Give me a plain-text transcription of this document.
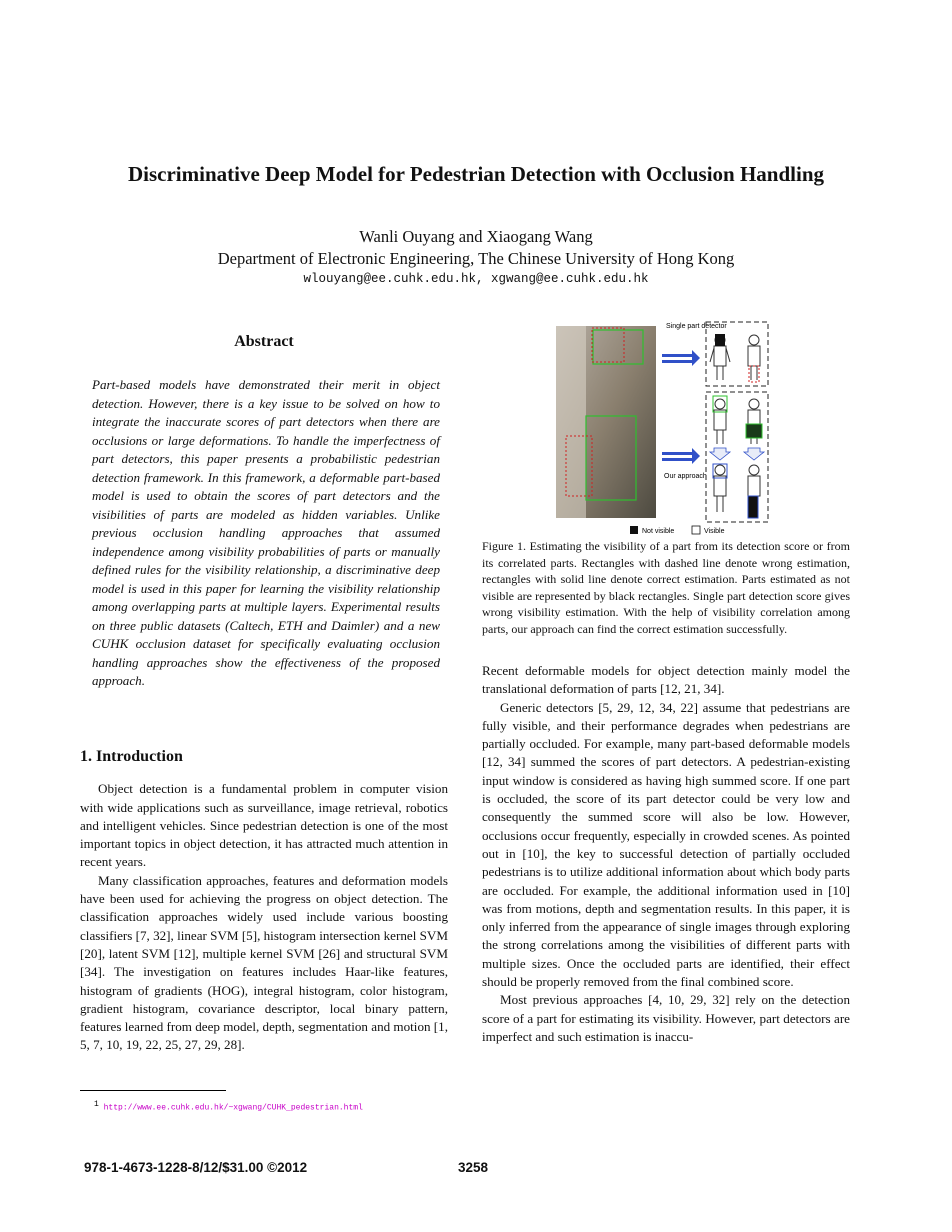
Discriminative Deep Model for Pedestrian Detection with Occlusion Handling
Wanli Ouyang and Xiaogang Wang
Department of Electronic Engineering, The Chinese University of Hong Kong
wlouyang@ee.cuhk.edu.hk, xgwang@ee.cuhk.edu.hk
Abstract
Part-based models have demonstrated their merit in object detection. However, there is a key issue to be solved on how to integrate the inaccurate scores of part detectors when there are occlusions or large deformations. To handle the imperfectness of part detectors, this paper presents a probabilistic pedestrian detection framework. In this framework, a deformable part-based model is used to obtain the scores of part detectors and the visibilities of parts are modeled as hidden variables. Unlike previous occlusion handling approaches that assumed independence among visibility probabilities of parts or manually defined rules for the visibility relationship, a discriminative deep model is used in this paper for learning the visibility relationship among overlapping parts at multiple layers. Experimental results on three public datasets (Caltech, ETH and Daimler) and a new CUHK occlusion dataset for specifically evaluating occlusion handling approaches show the effectiveness of the proposed approach.
1. Introduction

Object detection is a fundamental problem in computer vision with wide applications such as surveillance, image retrieval, robotics and intelligent vehicles. Since pedestrian detection is one of the most important topics in object detection, it has attracted much attention in recent years.

Many classification approaches, features and deformation models have been used for achieving the progress on object detection. The classification approaches widely used include various boosting classifiers [7, 32], linear SVM [5], histogram intersection kernel SVM [20], latent SVM [12], multiple kernel SVM [26] and structural SVM [34]. The investigation on features includes Haar-like features, histogram of gradients (HOG), integral histogram, color histogram, gradient histogram, covariance descriptor, local binary pattern, features learned from deep model, depth, segmentation and motion [1, 5, 7, 10, 19, 22, 25, 27, 29, 28].

1 http://www.ee.cuhk.edu.hk/~xgwang/CUHK_pedestrian.html
978-1-4673-1228-8/12/$31.00 ©2012	3258
Single part detector
Our approach
Not visible	Visible
Figure 1. Estimating the visibility of a part from its detection score or from its correlated parts. Rectangles with dashed line denote wrong estimation, rectangles with solid line denote correct estimation. Parts estimated as not visible are represented by black rectangles. Single part detection score gives wrong visibility estimation. With the help of visibility correlation among parts, our approach can find the correct estimation successfully.

Recent deformable models for object detection mainly model the translational deformation of parts [12, 21, 34].

Generic detectors [5, 29, 12, 34, 22] assume that pedestrians are fully visible, and their performance degrades when pedestrians are partially occluded. For example, many part-based deformable models [12, 34] summed the scores of part detectors. A pedestrian-existing input window is considered as having high summed score. If one part is occluded, the score of its part detector could be very low and consequently the summed score will also be low. However, occlusions occur frequently, especially in crowded scenes. As pointed out in [10], the key to successful detection of partially occluded pedestrians is to utilize additional information about which body parts are occluded. For example, the additional information used in [10] was from motions, depth and segmentation results. In this paper, it is only inferred from the appearance of single images through exploring the strong correlations among the visibilities of different parts with multiple sizes. Once the occluded parts are identified, their effect should be properly removed from the final combined score.

Most previous approaches [4, 10, 29, 32] rely on the detection score of a part for estimating its visibility. However, part detectors are imperfect and such estimation is inaccu-
